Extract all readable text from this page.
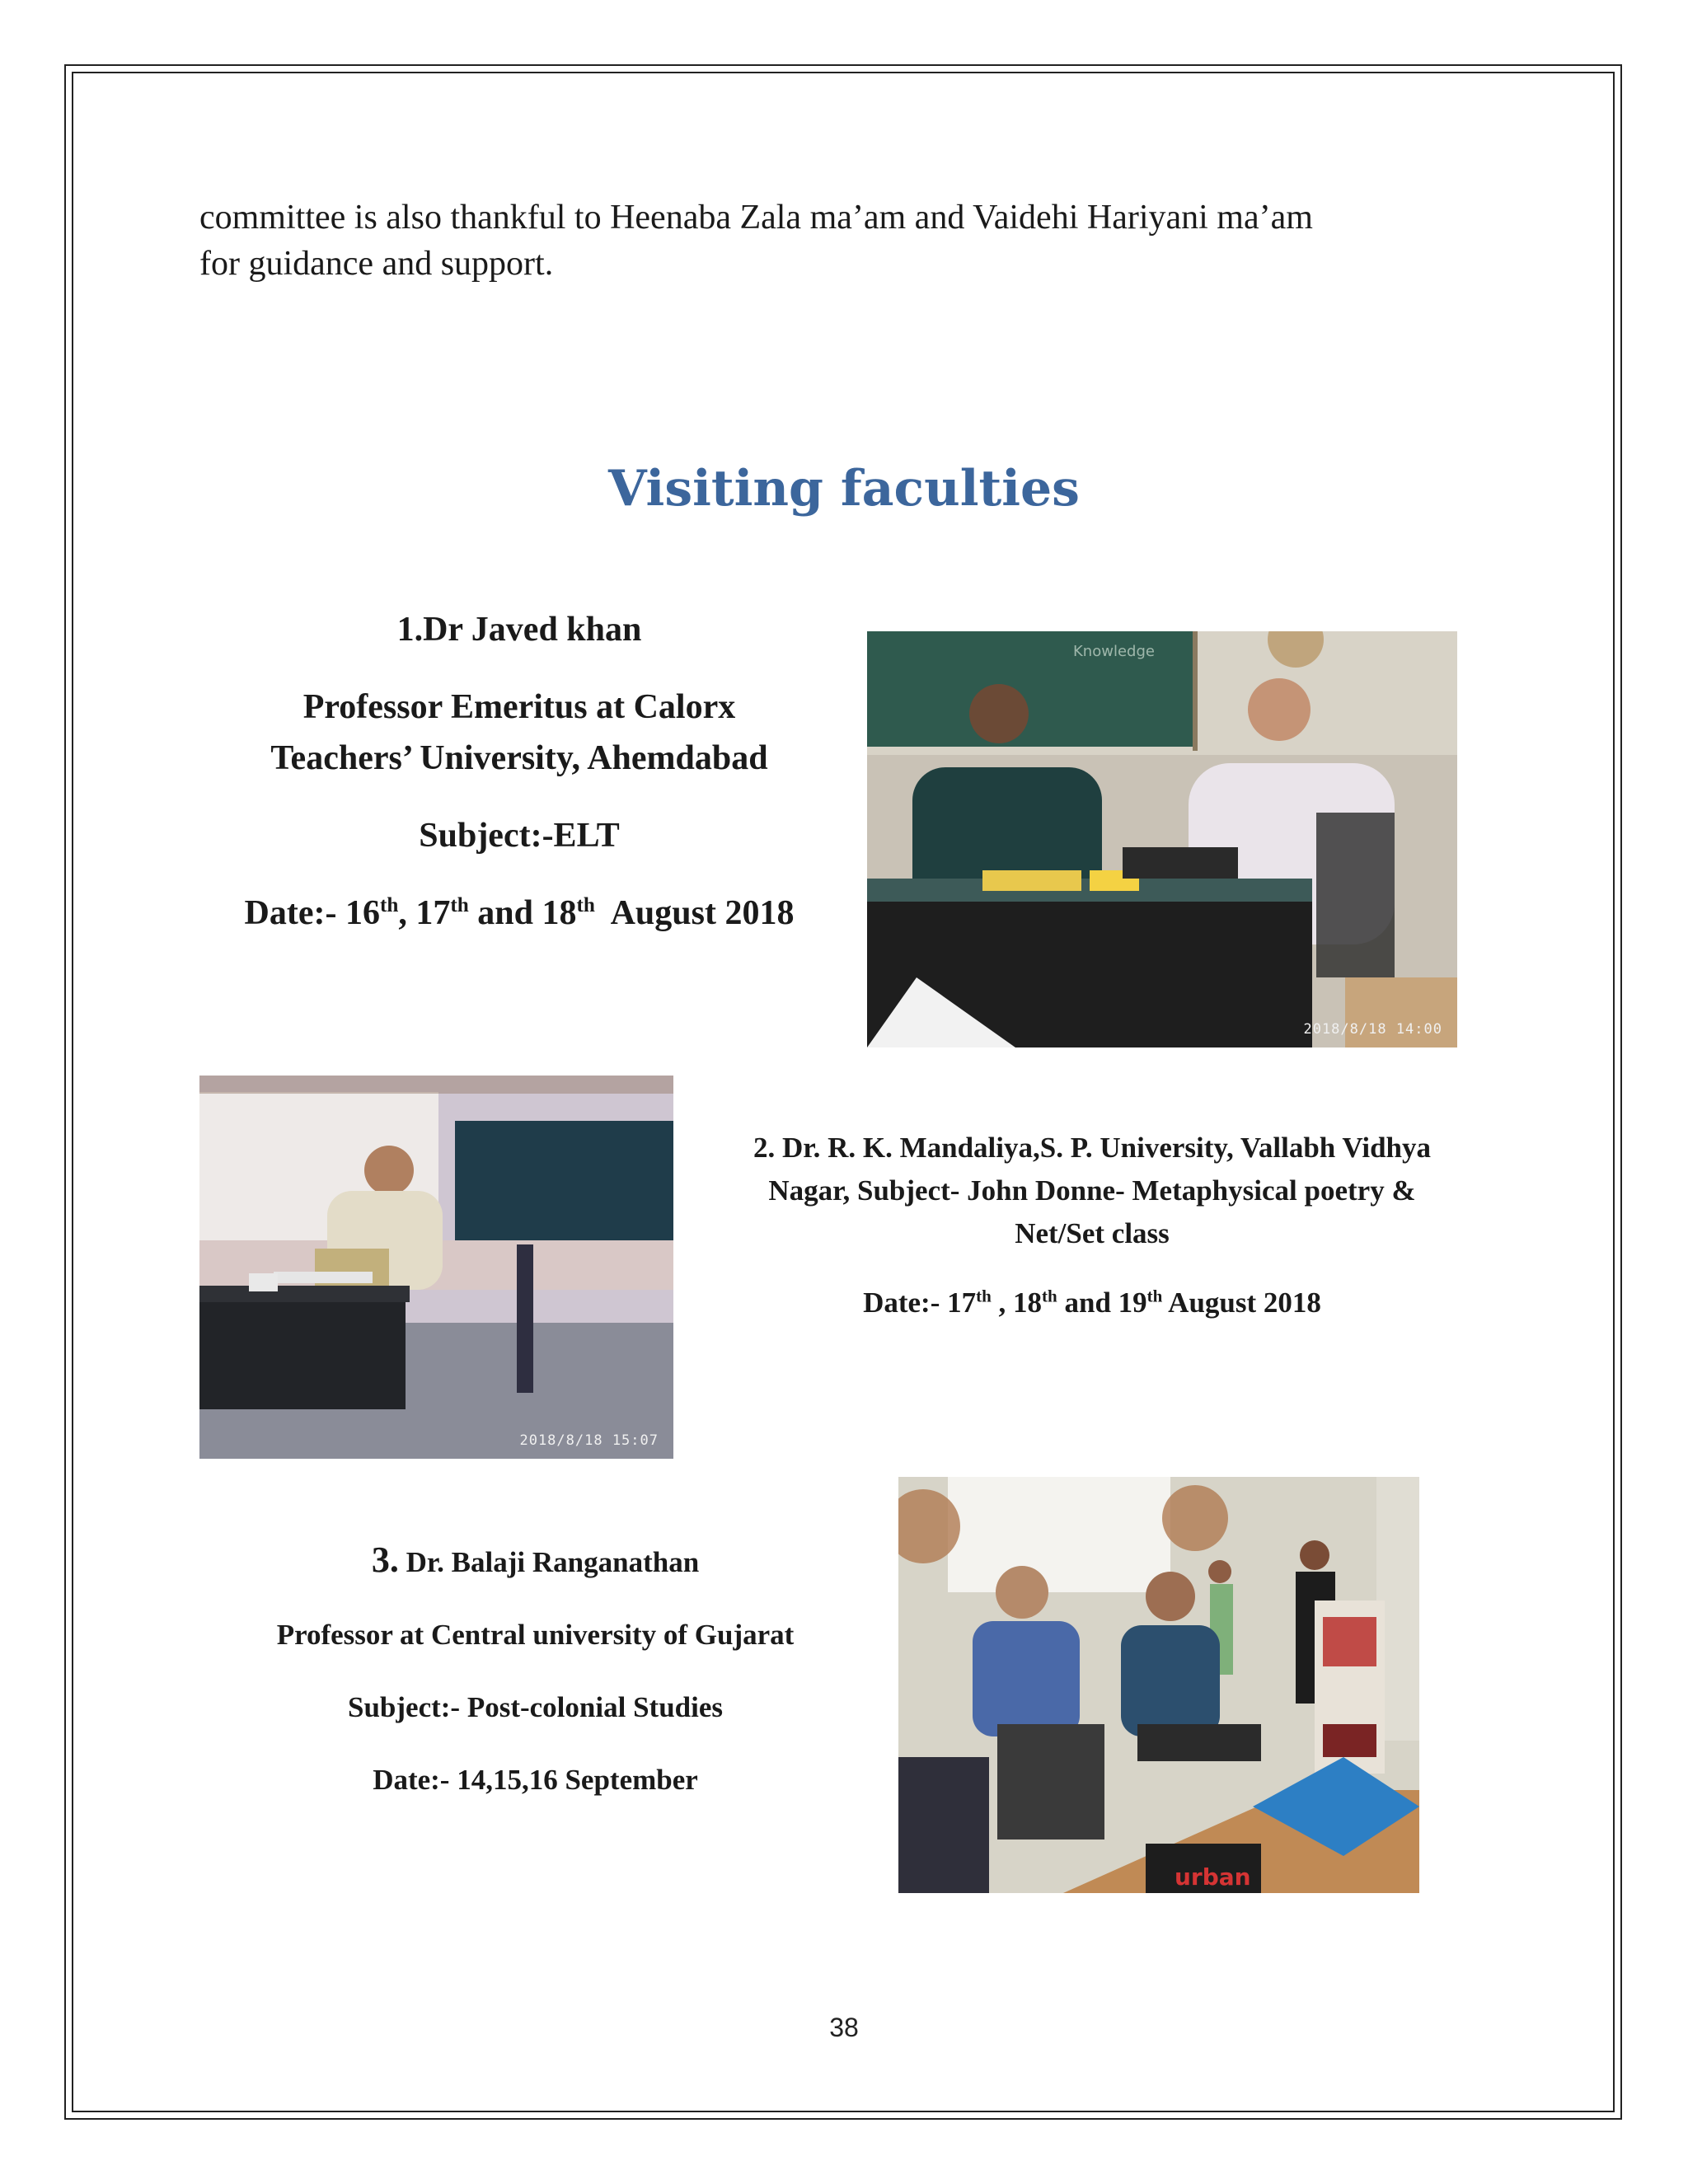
committee is also thankful to Heenaba Zala ma’am and Vaidehi Hariyani ma’am
for guidance and support.
Visiting faculties

1.Dr Javed khan

Professor Emeritus at Calorx

Teachers’ University, Ahemdabad

Subject:-ELT

Date:- 16th, 17th and 18th  August 2018

Knowledge
2018/8/18 14:00
2018/8/18 15:07

2. Dr. R. K. Mandaliya,S. P. University, Vallabh Vidhya

Nagar, Subject- John Donne- Metaphysical poetry &

Net/Set class

Date:- 17th , 18th and 19th August 2018

3. Dr. Balaji Ranganathan

Professor at Central university of Gujarat

Subject:- Post-colonial Studies

Date:- 14,15,16 September

urban
38
